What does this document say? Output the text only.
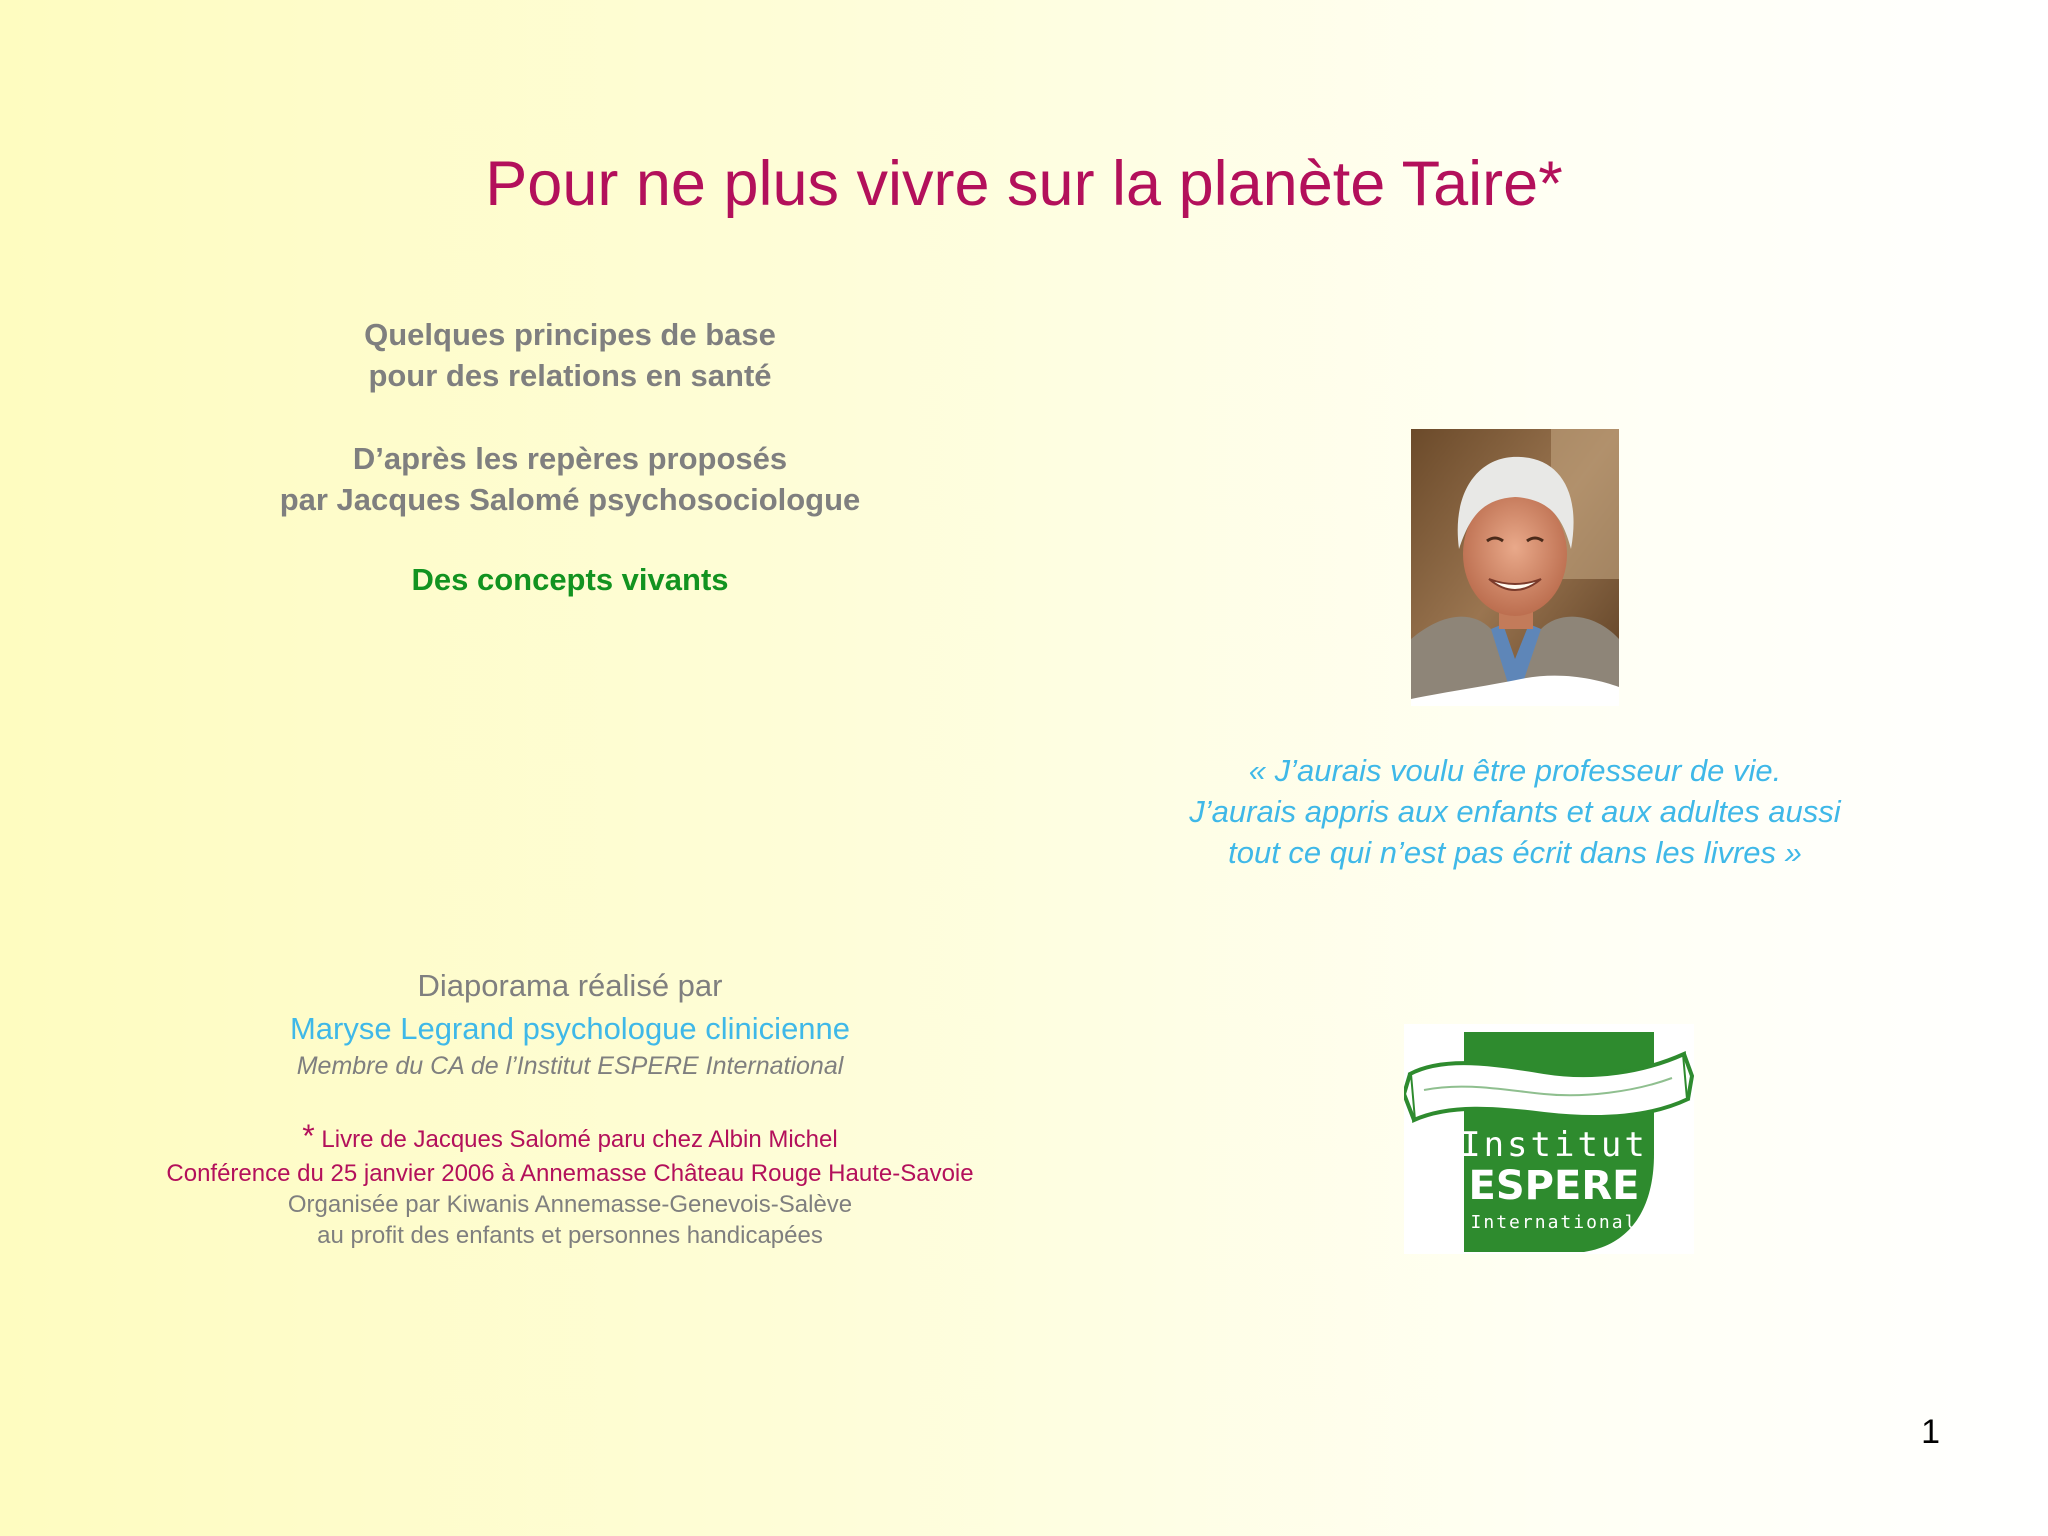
Pour ne plus vivre sur la planète Taire*
Quelques principes de base
pour des relations en santé
D’après les repères proposés
par Jacques Salomé psychosociologue
Des concepts vivants
« J’aurais voulu être professeur de vie.
J’aurais appris aux enfants et aux adultes aussi
tout ce qui n’est pas écrit dans les livres »
Diaporama réalisé par
Maryse Legrand psychologue clinicienne
Membre du CA de l’Institut ESPERE International
* Livre de Jacques Salomé paru chez Albin Michel
Conférence du 25 janvier 2006 à Annemasse Château Rouge Haute-Savoie
Organisée par Kiwanis Annemasse-Genevois-Salève
au profit des enfants et personnes handicapées
Institut
ESPERE
International
1
